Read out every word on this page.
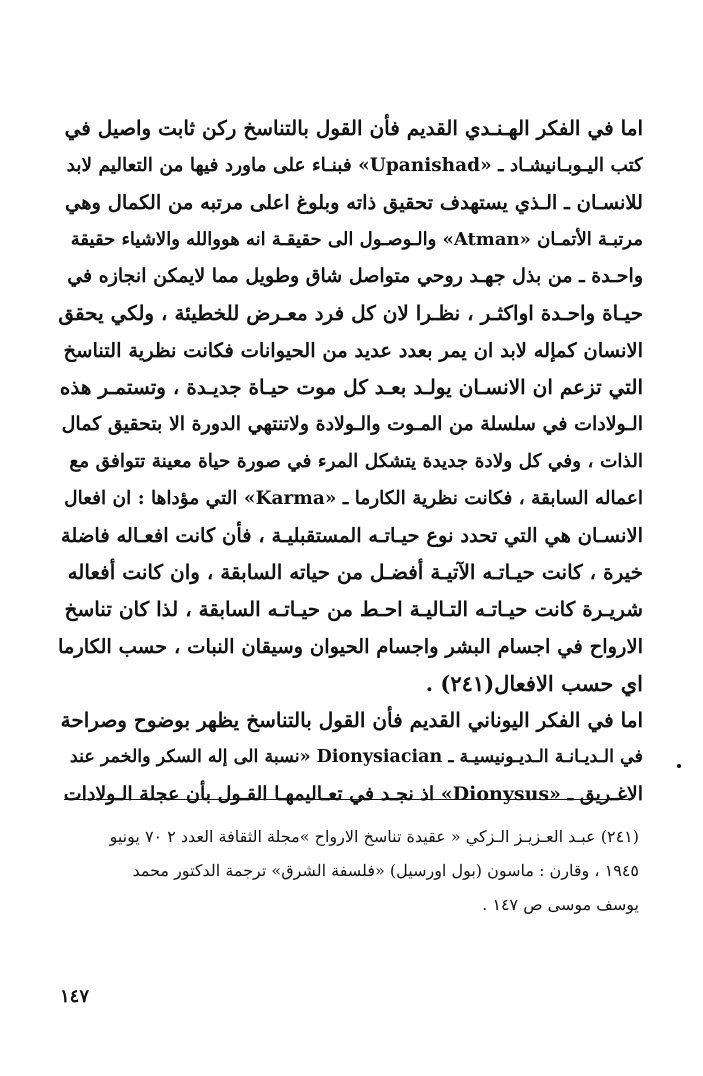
اما في الفكر الهـنـدي القديم فأن القول بالتناسخ ركن ثابت واصيل في
كتب اليـوبـانيشـاد ـ «Upanishad» فبنـاء على ماورد فيها من التعاليم لابد
للانسـان ـ الـذي يستهدف تحقيق ذاته وبلوغ اعلى مرتبه من الكمال وهي
مرتبـة الأتمـان «Atman» والـوصـول الى حقيقـة انه هووالله والاشياء حقيقة
واحـدة ـ من بذل جهـد روحي متواصل شاق وطويل مما لايمكن انجازه في
حيـاة واحـدة اواكثـر ، نظـرا لان كل فرد معـرض للخطيئة ، ولكي يحقق
الانسان كمإله لابد ان يمر بعدد عديد من الحيوانات فكانت نظرية التناسخ
التي تزعم ان الانسـان يولـد بعـد كل موت حيـاة جديـدة ، وتستمـر هذه
الـولادات في سلسلة من المـوت والـولادة ولاتنتهي الدورة الا بتحقيق كمال
الذات ، وفي كل ولادة جديدة يتشكل المرء في صورة حياة معينة تتوافق مع
اعماله السابقة ، فكانت نظرية الكارما ـ «Karma» التي مؤداها : ان افعال
الانسـان هي التي تحدد نوع حيـاتـه المستقبليـة ، فأن كانت افعـاله فاضلة
خيرة ، كانت حيـاتـه الآتيـة أفضـل من حياته السابقة ، وان كانت أفعاله
شريـرة كانت حيـاتـه التـاليـة احـط من حيـاتـه السابقة ، لذا كان تناسخ
الارواح في اجسام البشر واجسام الحيوان وسيقان النبات ، حسب الكارما
اي حسب الافعال(٢٤١) .
اما في الفكر اليوناني القديم فأن القول بالتناسخ يظهر بوضوح وصراحة
في الـديـانـة الـديـونيسيـة ـ Dionysiacian «نسبة الى إله السكر والخمر عند
الاغـريق ـ «Dionysus» اذ نجـد في تعـاليمهـا القـول بأن عجلة الـولادات
(٢٤١) عبـد العـزيـز الـزكي « عقيدة تناسخ الارواح »مجلة الثقافة العدد ٢ ٧٠ يونيو
١٩٤٥ ، وقارن : ماسون (بول اورسيل) «فلسفة الشرق» ترجمة الدكتور محمد
يوسف موسى ص ١٤٧ .
١٤٧
